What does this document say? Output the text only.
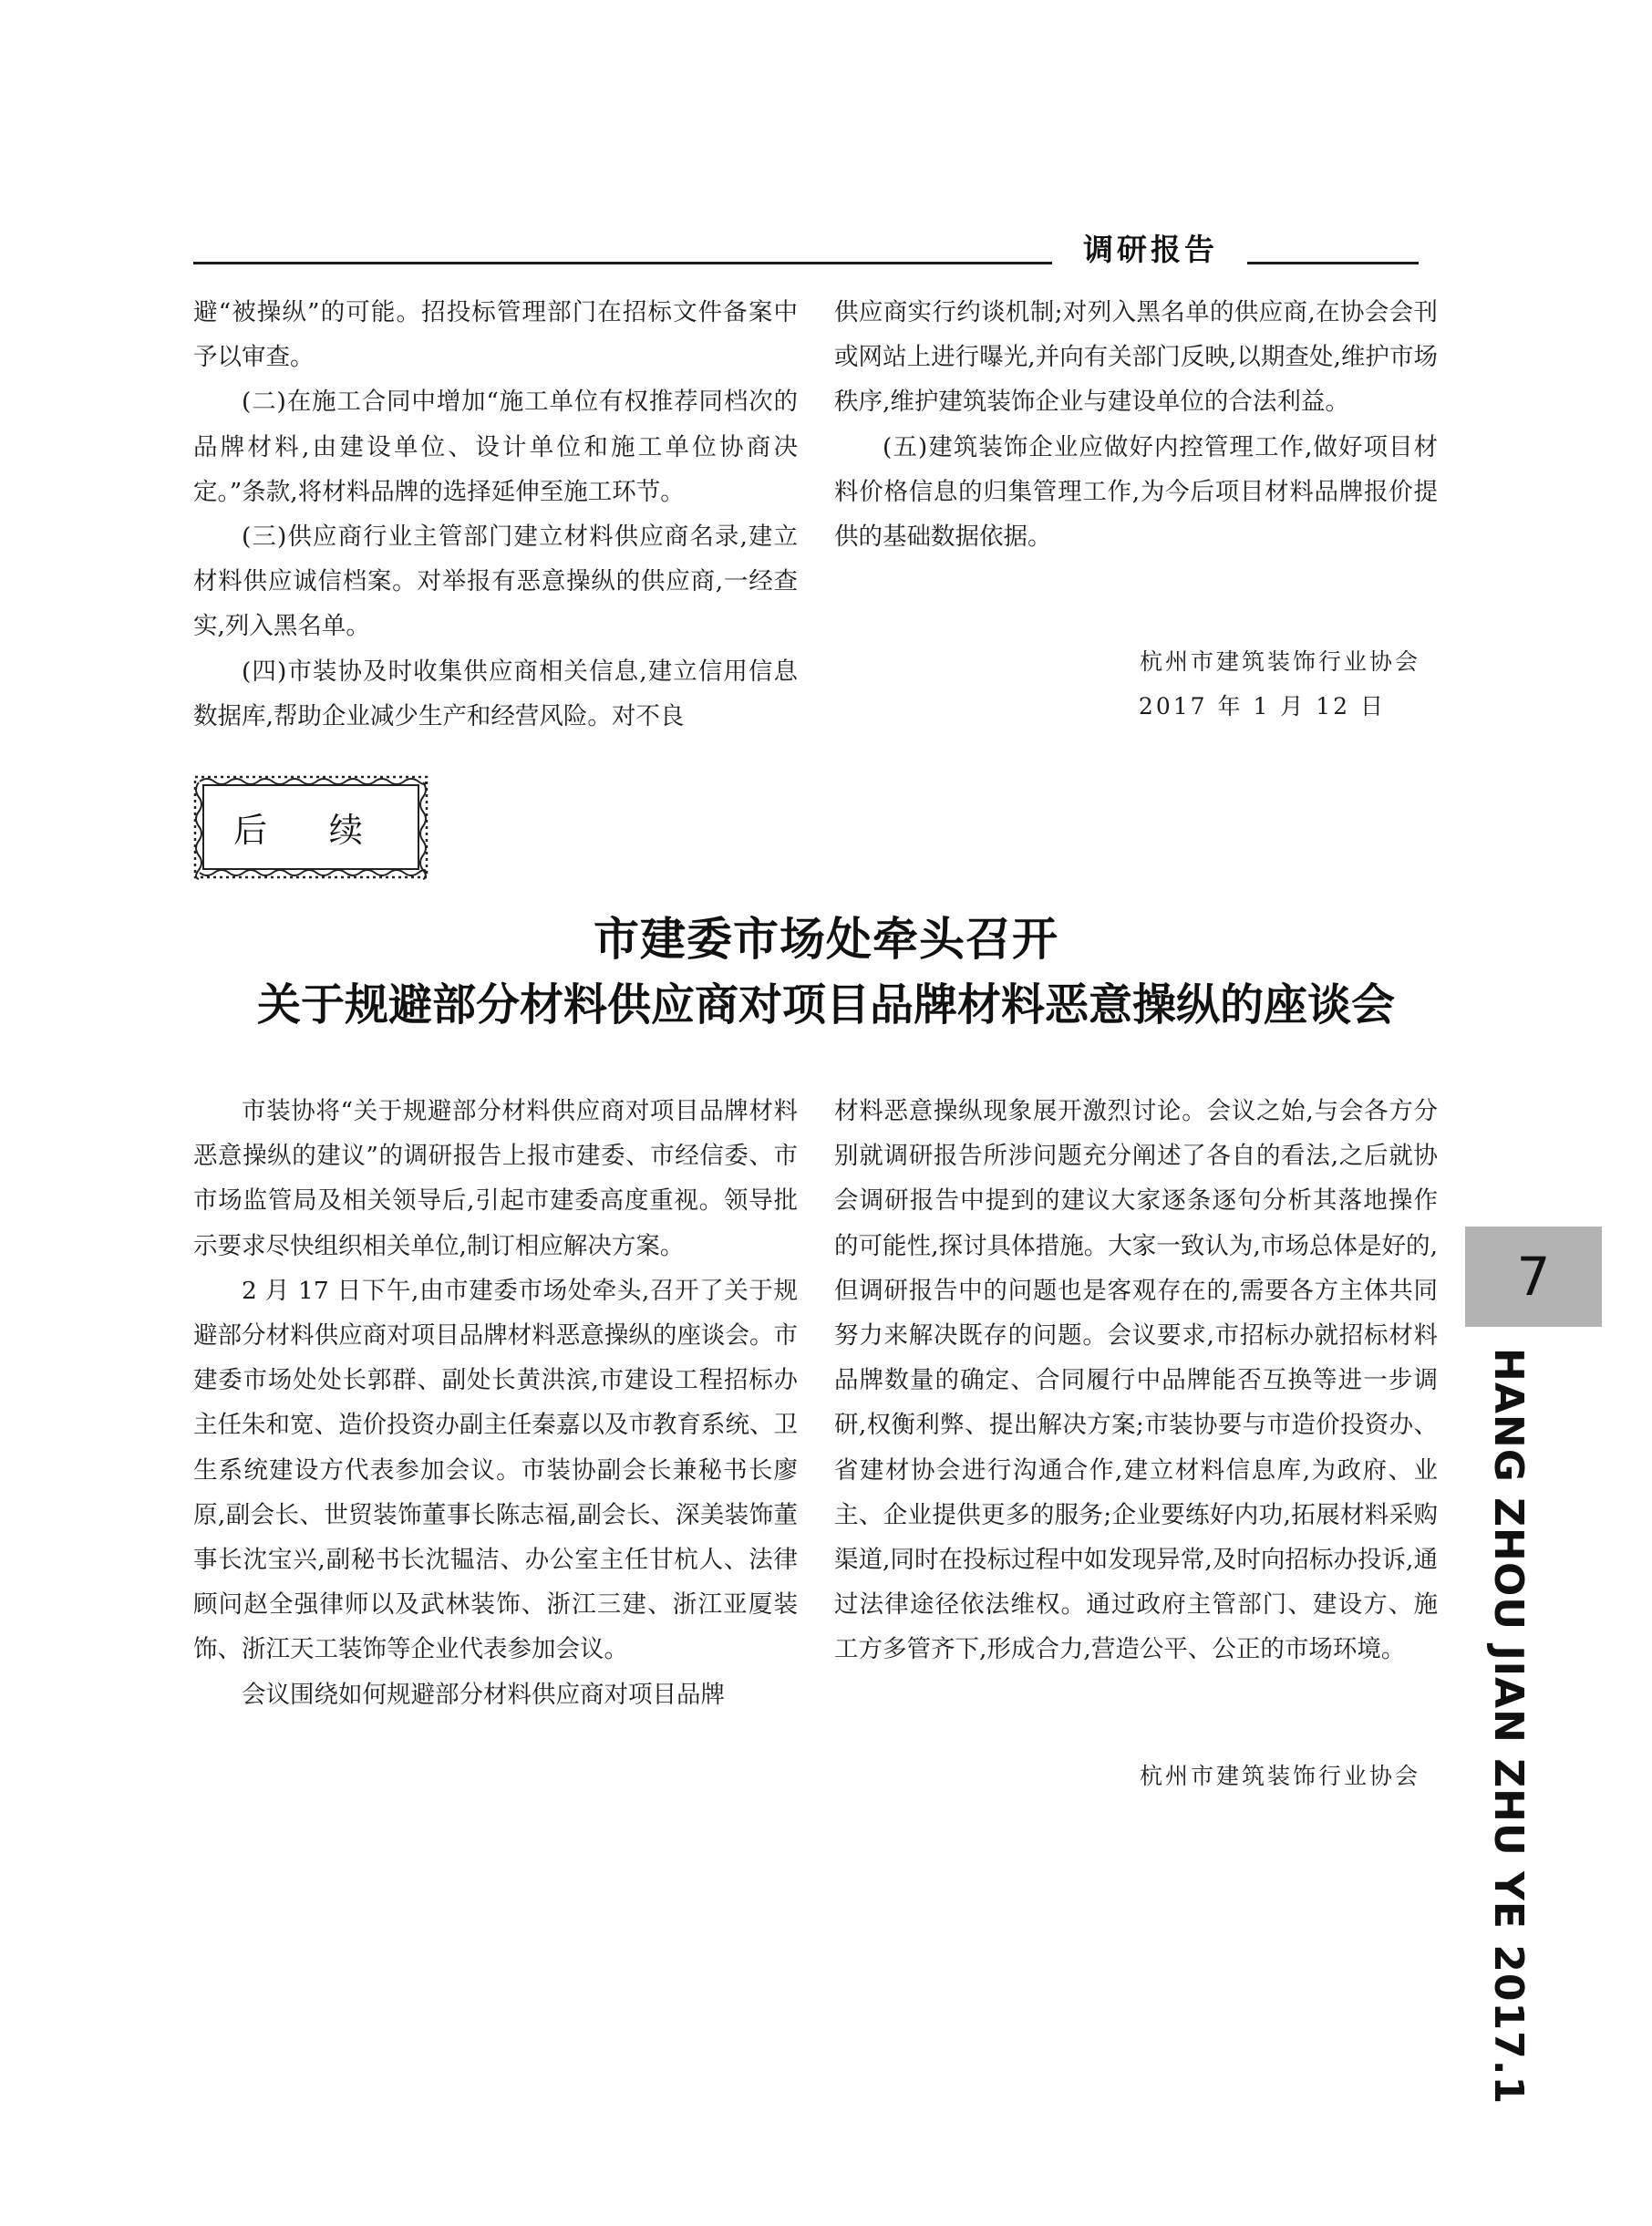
调研报告

避“被操纵”的可能。招投标管理部门在招标文件备案中予以审查。

(二)在施工合同中增加“施工单位有权推荐同档次的品牌材料,由建设单位、设计单位和施工单位协商决定。”条款,将材料品牌的选择延伸至施工环节。

(三)供应商行业主管部门建立材料供应商名录,建立材料供应诚信档案。对举报有恶意操纵的供应商,一经查实,列入黑名单。

(四)市装协及时收集供应商相关信息,建立信用信息数据库,帮助企业减少生产和经营风险。对不良

供应商实行约谈机制;对列入黑名单的供应商,在协会会刊或网站上进行曝光,并向有关部门反映,以期查处,维护市场秩序,维护建筑装饰企业与建设单位的合法利益。

(五)建筑装饰企业应做好内控管理工作,做好项目材料价格信息的归集管理工作,为今后项目材料品牌报价提供的基础数据依据。

杭州市建筑装饰行业协会
2017 年 1 月 12 日
后 续
市建委市场处牵头召开
关于规避部分材料供应商对项目品牌材料恶意操纵的座谈会

市装协将“关于规避部分材料供应商对项目品牌材料恶意操纵的建议”的调研报告上报市建委、市经信委、市市场监管局及相关领导后,引起市建委高度重视。领导批示要求尽快组织相关单位,制订相应解决方案。

2 月 17 日下午,由市建委市场处牵头,召开了关于规避部分材料供应商对项目品牌材料恶意操纵的座谈会。市建委市场处处长郭群、副处长黄洪滨,市建设工程招标办主任朱和宽、造价投资办副主任秦嘉以及市教育系统、卫生系统建设方代表参加会议。市装协副会长兼秘书长廖原,副会长、世贸装饰董事长陈志福,副会长、深美装饰董事长沈宝兴,副秘书长沈韫洁、办公室主任甘杭人、法律顾问赵全强律师以及武林装饰、浙江三建、浙江亚厦装饰、浙江天工装饰等企业代表参加会议。

会议围绕如何规避部分材料供应商对项目品牌

材料恶意操纵现象展开激烈讨论。会议之始,与会各方分别就调研报告所涉问题充分阐述了各自的看法,之后就协会调研报告中提到的建议大家逐条逐句分析其落地操作的可能性,探讨具体措施。大家一致认为,市场总体是好的,但调研报告中的问题也是客观存在的,需要各方主体共同努力来解决既存的问题。会议要求,市招标办就招标材料品牌数量的确定、合同履行中品牌能否互换等进一步调研,权衡利弊、提出解决方案;市装协要与市造价投资办、省建材协会进行沟通合作,建立材料信息库,为政府、业主、企业提供更多的服务;企业要练好内功,拓展材料采购渠道,同时在投标过程中如发现异常,及时向招标办投诉,通过法律途径依法维权。通过政府主管部门、建设方、施工方多管齐下,形成合力,营造公平、公正的市场环境。

杭州市建筑装饰行业协会
7
HANG ZHOU JIAN ZHU YE 2017.1
